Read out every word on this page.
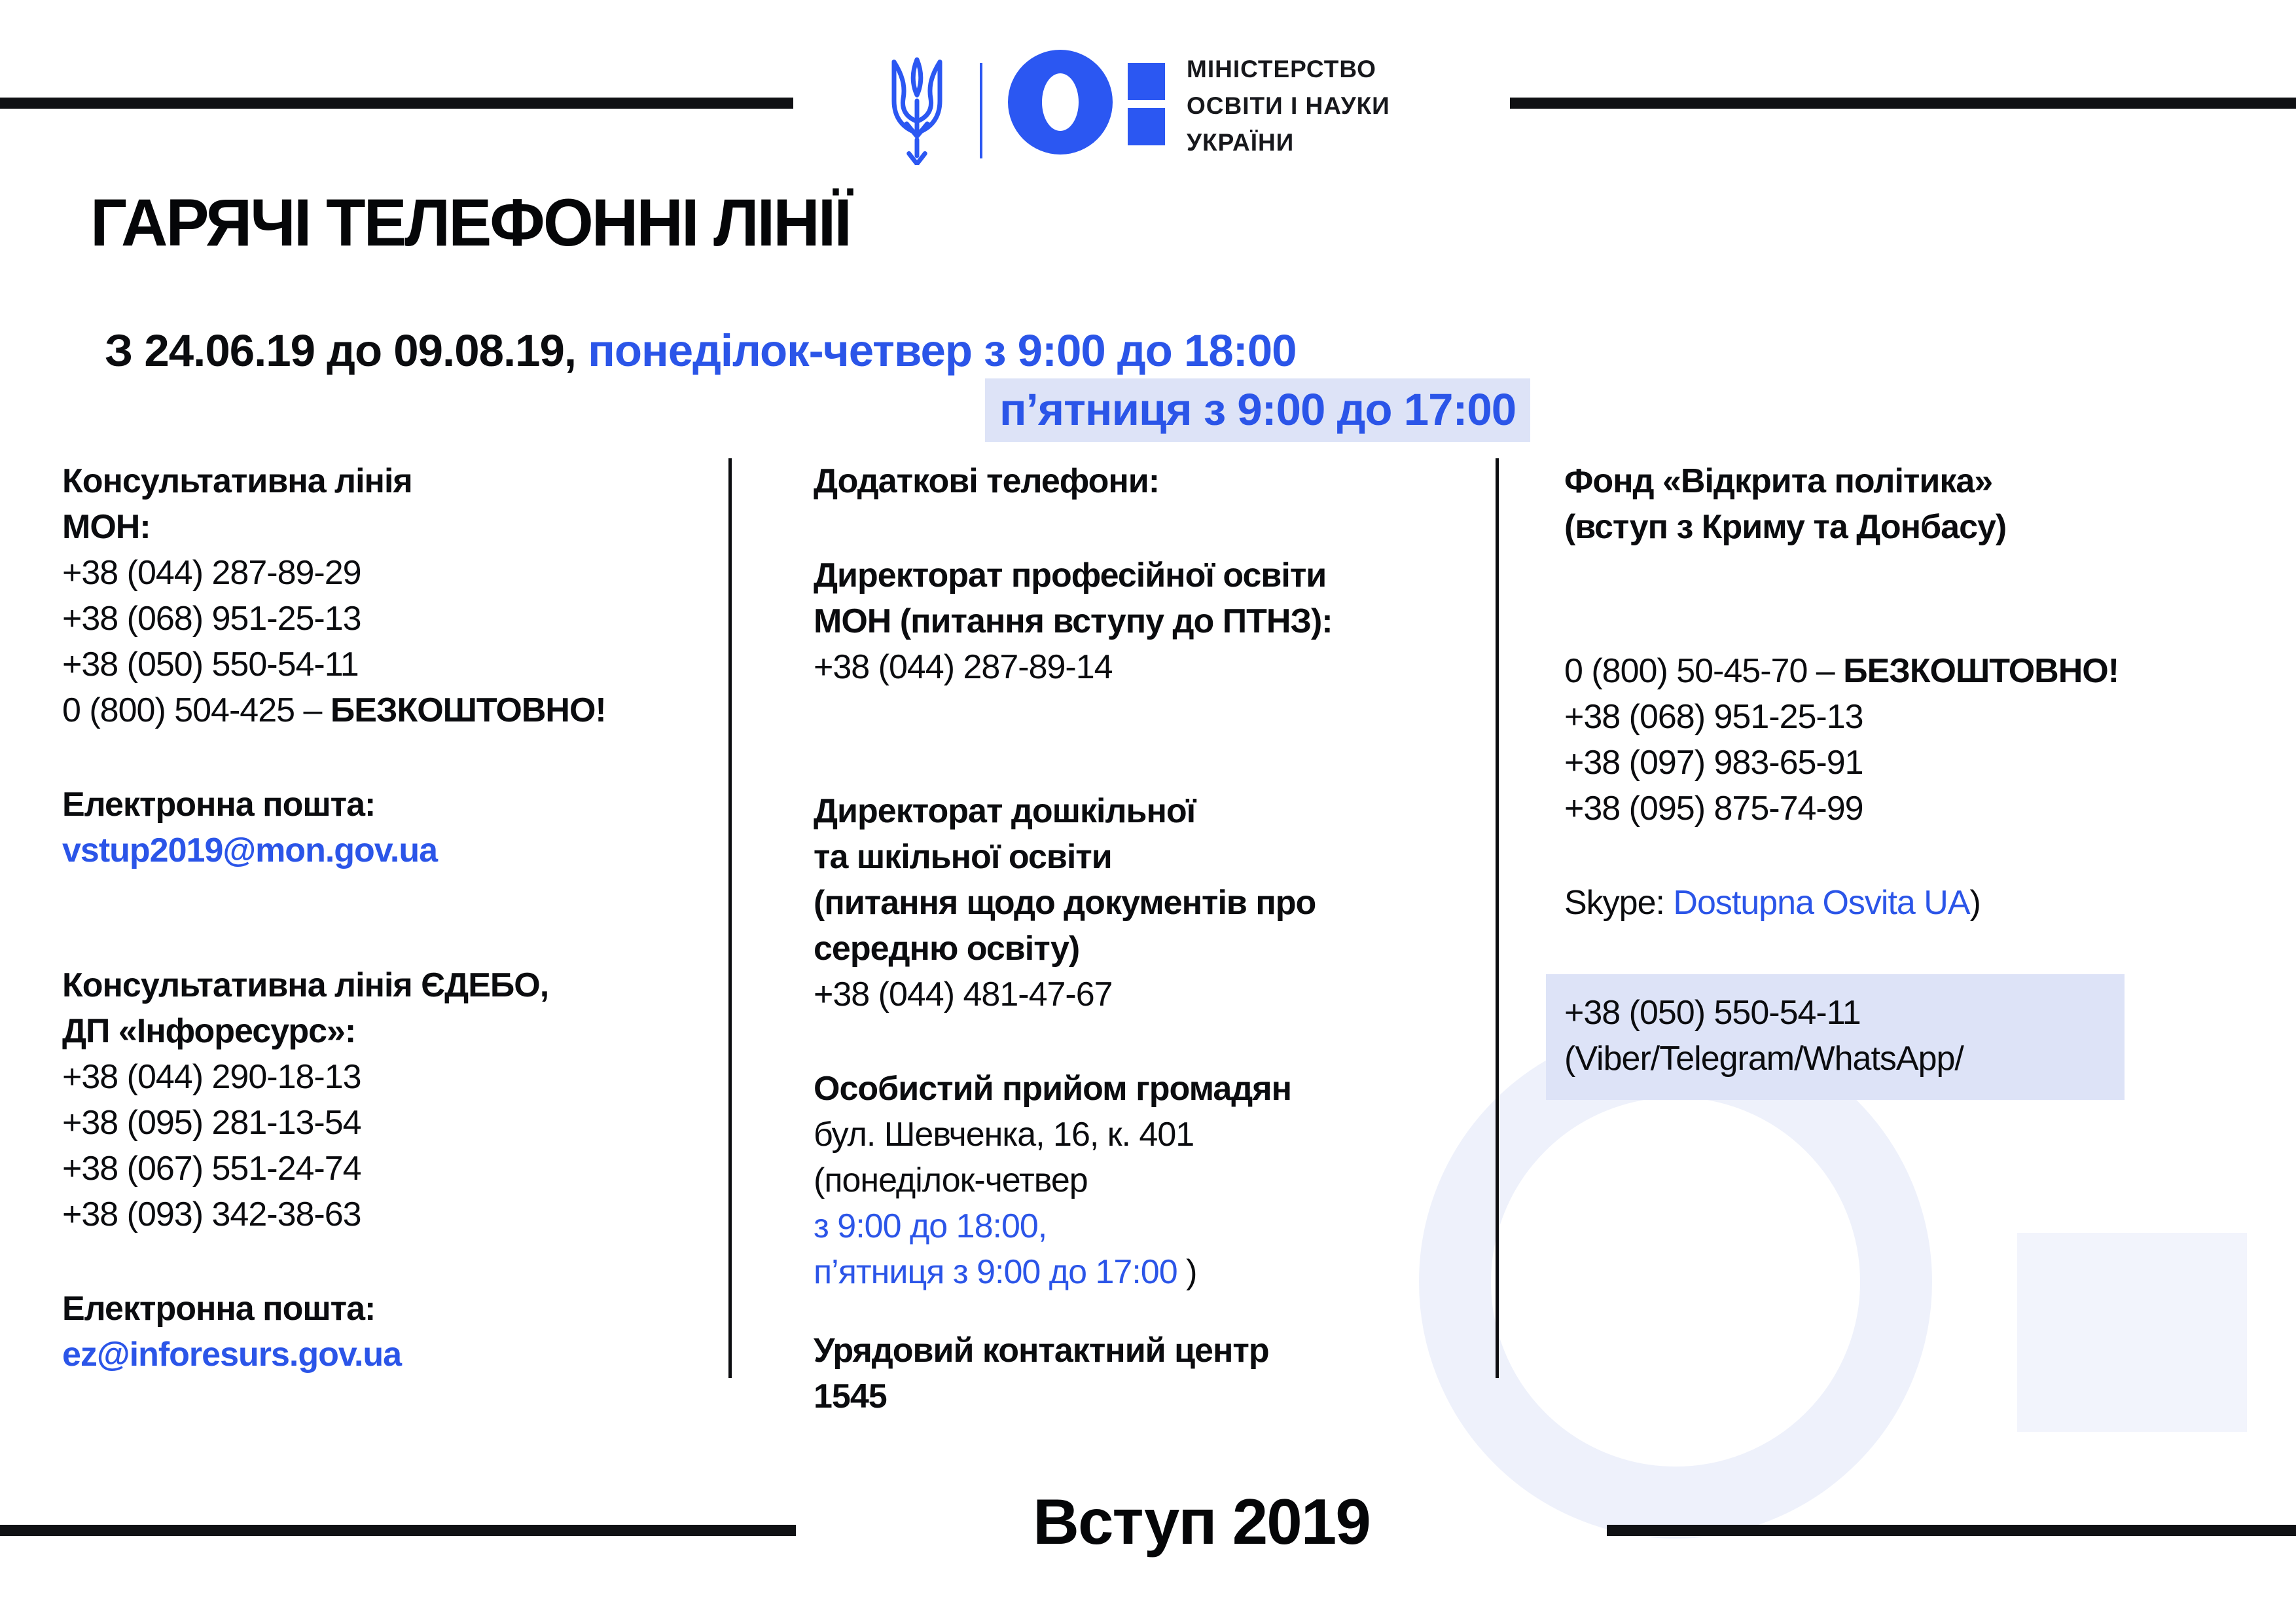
МІНІСТЕРСТВО
ОСВІТИ І НАУКИ
УКРАЇНИ
ГАРЯЧІ ТЕЛЕФОННІ ЛІНІЇ
З 24.06.19 до 09.08.19, понеділок-четвер з 9:00 до 18:00
п’ятниця з 9:00 до 17:00
Консультативна лінія
МОН:
+38 (044) 287-89-29
+38 (068) 951-25-13
+38 (050) 550-54-11
0 (800) 504-425 – БЕЗКОШТОВНО!
Електронна пошта:
vstup2019@mon.gov.ua
Консультативна лінія ЄДЕБО,
ДП «Інфоресурс»:
+38 (044) 290-18-13
+38 (095) 281-13-54
+38 (067) 551-24-74
+38 (093) 342-38-63
Електронна пошта:
ez@inforesurs.gov.ua
Додаткові телефони:
Директорат професійної освіти
МОН (питання вступу до ПТНЗ):
+38 (044) 287-89-14
Директорат дошкільної
та шкільної освіти
(питання щодо документів про
середню освіту)
+38 (044) 481-47-67
Особистий прийом громадян
бул. Шевченка, 16, к. 401
(понеділок-четвер
з 9:00 до 18:00,
п’ятниця з 9:00 до 17:00 )
Урядовий контактний центр
1545
Фонд «Відкрита політика»
(вступ з Криму та Донбасу)
0 (800) 50-45-70 – БЕЗКОШТОВНО!
+38 (068) 951-25-13
+38 (097) 983-65-91
+38 (095) 875-74-99
Skype: Dostupna Osvita UA)
+38 (050) 550-54-11
(Viber/Telegram/WhatsApp/
Вступ 2019
